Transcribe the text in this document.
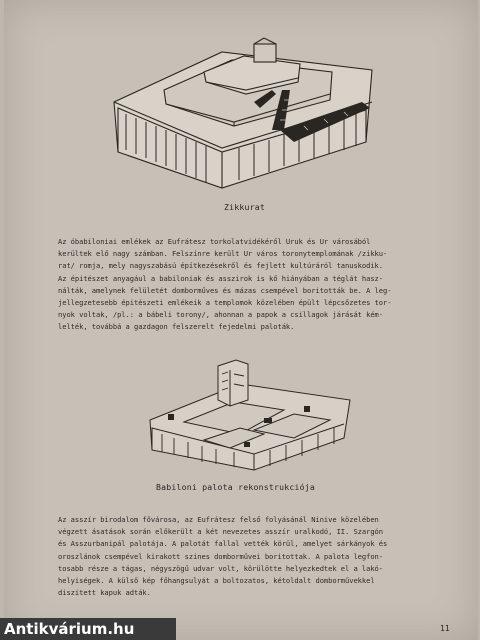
Zikkurat
Az óbabiloniai emlékek az Eufrátesz torkolatvidékéről Uruk és Ur városából
kerültek elő nagy számban. Felszínre került Ur város toronytemplomának /zikku-
rat/ romja, mely nagyszabású építkezésekről és fejlett kultúráról tanuskodik.
Az épitészet anyagául a babiloniak és asszirok is kő hiányában a téglát hasz-
nálták, amelynek felületét domborműves és mázas csempével boritották be. A leg-
jellegzetesebb épitészeti emlékeik a templomok közelében épült lépcsőzetes tor-
nyok voltak, /pl.: a bábeli torony/, ahonnan a papok a csillagok járását kém-
lelték, továbbá a gazdagon felszerelt fejedelmi paloták.
Babiloni palota rekonstrukciója
Az asszír birodalom fővárosa, az Eufrátesz felső folyásánál Ninive közelében
végzett ásatások során előkerült a két nevezetes asszír uralkodó, II. Szargón
és Asszurbanipál palotája. A palotát fallal vették körül, amelyet sárkányok és
oroszlánok csempével kirakott szines domborművei boritottak. A palota legfon-
tosabb része a tágas, négyszögű udvar volt, körülötte helyezkedtek el a lakó-
helyiségek. A külső kép főhangsulyát a boltozatos, kétoldalt domborművekkel
diszitett kapuk adták.
11
Antikvárium.hu
